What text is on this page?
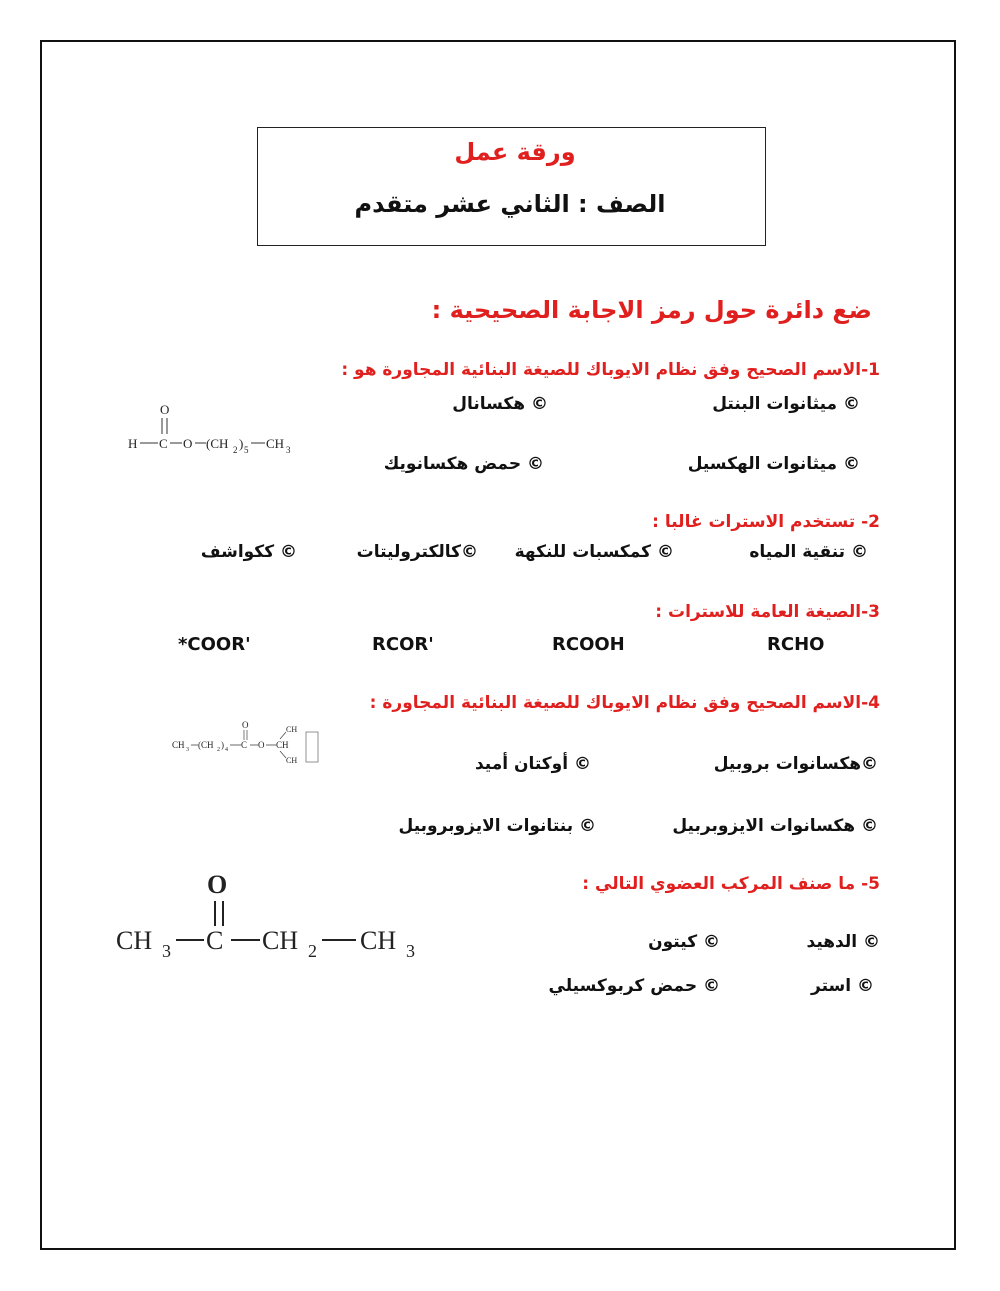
ورقة عمل
الصف : الثاني عشر متقدم
ضع دائرة حول رمز الاجابة الصحيحية :
1-الاسم الصحيح وفق نظام الايوباك للصيغة البنائية المجاورة هو :
© ميثانوات البنتل
© هكسانال
© ميثانوات الهكسيل
© حمض هكسانويك
O
H C O (CH 2 ) 5 CH 3
2- تستخدم الاسترات غالبا :
© تنقية المياه
© كمكسبات للنكهة
©كالكتروليتات
© ككواشف
3-الصيغة العامة للاسترات :
RCHO
RCOOH
RCOR'
*COOR'
4-الاسم الصحيح وفق نظام الايوباك للصيغة البنائية المجاورة :
©هكسانوات بروبيل
© أوكتان أميد
© هكسانوات الايزوبربيل
© بنتانوات الايزوبروبيل
CH 3 (CH 2 ) 4 C
O
O CH
CH
CH
5- ما صنف المركب العضوي التالي :
© الدهيد
© كيتون
© استر
© حمض كربوكسيلي
O
CH 3 C CH 2 CH 3
